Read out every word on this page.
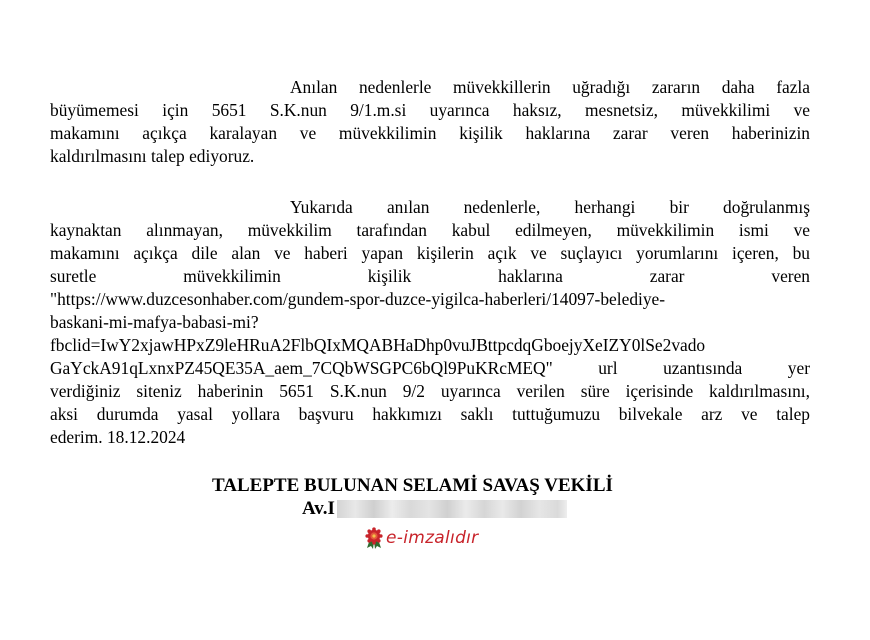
Anılan nedenlerle müvekkillerin uğradığı zararın daha fazla
büyümemesi için 5651 S.K.nun 9/1.m.si uyarınca haksız, mesnetsiz, müvekkilimi ve
makamını açıkça karalayan ve müvekkilimin kişilik haklarına zarar veren haberinizin
kaldırılmasını talep ediyoruz.
Yukarıda anılan nedenlerle, herhangi bir doğrulanmış
kaynaktan alınmayan, müvekkilim tarafından kabul edilmeyen, müvekkilimin ismi ve
makamını açıkça dile alan ve haberi yapan kişilerin açık ve suçlayıcı yorumlarını içeren, bu
suretle müvekkilimin kişilik haklarına zarar veren
"https://www.duzcesonhaber.com/gundem-spor-duzce-yigilca-haberleri/14097-belediye-
baskani-mi-mafya-babasi-mi?
fbclid=IwY2xjawHPxZ9leHRuA2FlbQIxMQABHaDhp0vuJBttpcdqGboejyXeIZY0lSe2vado
GaYckA91qLxnxPZ45QE35A_aem_7CQbWSGPC6bQl9PuKRcMEQ" url uzantısında yer
verdiğiniz siteniz haberinin 5651 S.K.nun 9/2 uyarınca verilen süre içerisinde kaldırılmasını,
aksi durumda yasal yollara başvuru hakkımızı saklı tuttuğumuzu bilvekale arz ve talep
ederim. 18.12.2024
TALEPTE BULUNAN SELAMİ SAVAŞ VEKİLİ
Av.I
e-imzalıdır
